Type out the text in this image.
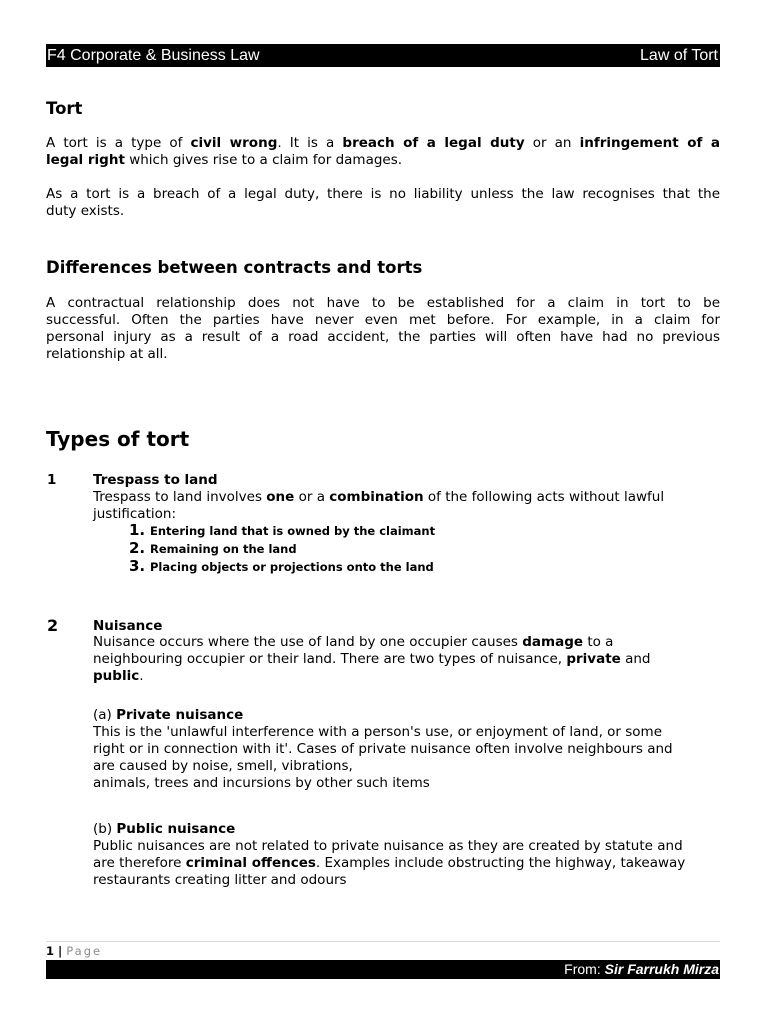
F4 Corporate & Business Law	Law of Tort
Tort
A tort is a type of civil wrong. It is a breach of a legal duty or an infringement of a
legal right which gives rise to a claim for damages.
As a tort is a breach of a legal duty, there is no liability unless the law recognises that the
duty exists.
Differences between contracts and torts
A contractual relationship does not have to be established for a claim in tort to be
successful. Often the parties have never even met before. For example, in a claim for
personal injury as a result of a road accident, the parties will often have had no previous
relationship at all.
Types of tort
1	Trespass to land
Trespass to land involves one or a combination of the following acts without lawful
justification:
1. Entering land that is owned by the claimant
2. Remaining on the land
3. Placing objects or projections onto the land
2	Nuisance
Nuisance occurs where the use of land by one occupier causes damage to a
neighbouring occupier or their land. There are two types of nuisance, private and
public.
(a) Private nuisance
This is the 'unlawful interference with a person's use, or enjoyment of land, or some
right or in connection with it'. Cases of private nuisance often involve neighbours and
are caused by noise, smell, vibrations,
animals, trees and incursions by other such items
(b) Public nuisance
Public nuisances are not related to private nuisance as they are created by statute and
are therefore criminal offences. Examples include obstructing the highway, takeaway
restaurants creating litter and odours
1 | Page
From: Sir Farrukh Mirza
